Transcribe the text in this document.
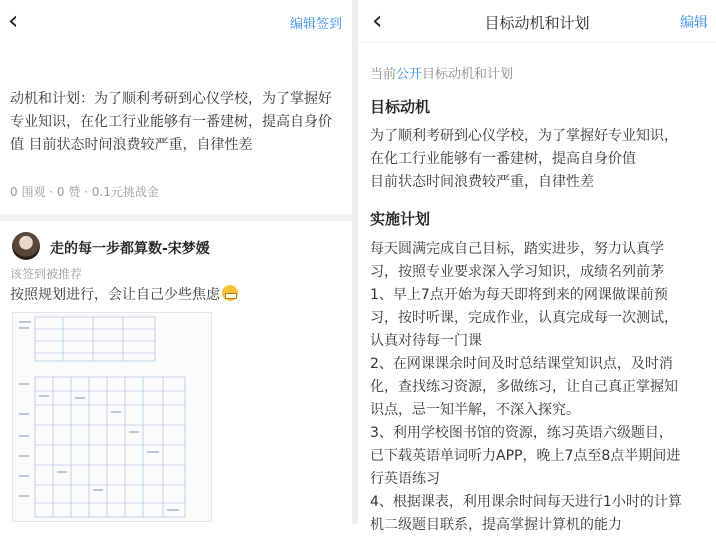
‹	编辑签到
动机和计划：为了顺利考研到心仪学校，为了掌握好专业知识，在化工行业能够有一番建树，提高自身价值 目前状态时间浪费较严重，自律性差
0 围观 · 0 赞 · 0.1元挑战金
走的每一步都算数-宋梦媛
该签到被推荐
按照规划进行，会让自己少些焦虑
‹	目标动机和计划	编辑
当前公开目标动机和计划
目标动机
为了顺利考研到心仪学校，为了掌握好专业知识，
在化工行业能够有一番建树，提高自身价值
目前状态时间浪费较严重，自律性差
实施计划
每天圆满完成自己目标，踏实进步，努力认真学
习，按照专业要求深入学习知识，成绩名列前茅
1、早上7点开始为每天即将到来的网课做课前预
习，按时听课，完成作业，认真完成每一次测试，
认真对待每一门课
2、在网课课余时间及时总结课堂知识点，及时消
化，查找练习资源，多做练习，让自己真正掌握知
识点，忌一知半解，不深入探究。
3、利用学校图书馆的资源，练习英语六级题目，
已下载英语单词听力APP，晚上7点至8点半期间进
行英语练习
4、根据课表，利用课余时间每天进行1小时的计算
机二级题目联系，提高掌握计算机的能力
